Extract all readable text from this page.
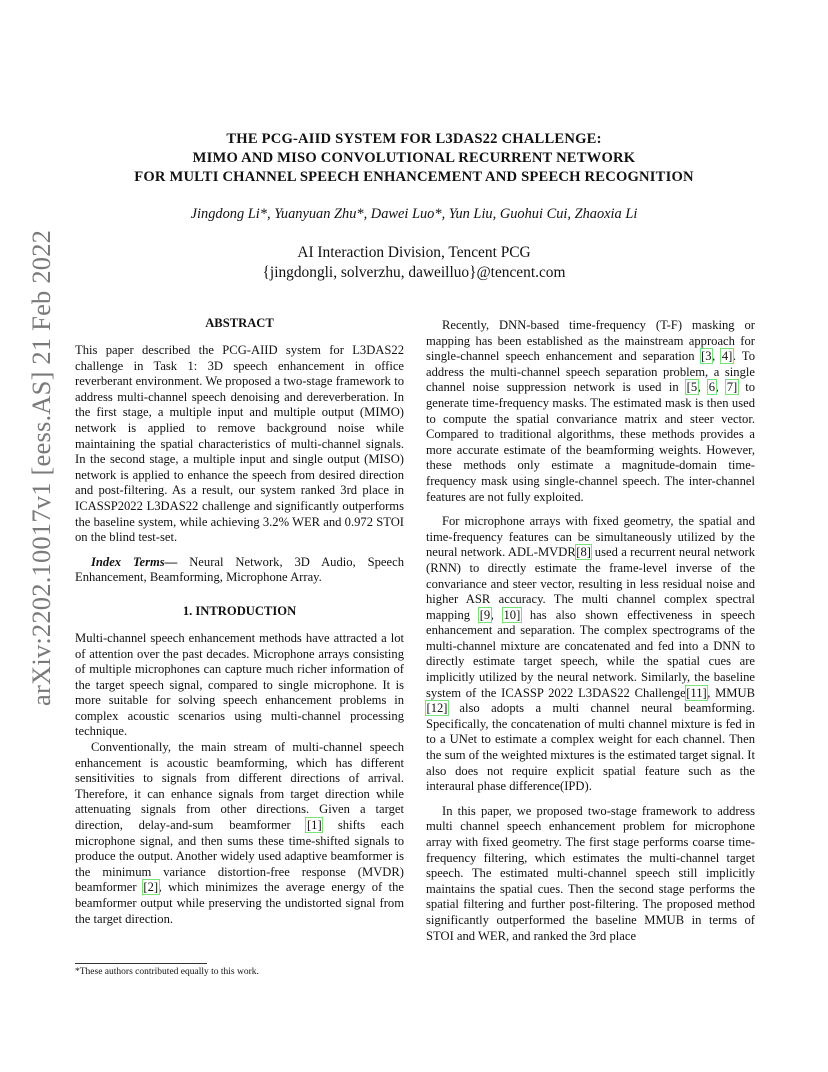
arXiv:2202.10017v1 [eess.AS] 21 Feb 2022
THE PCG-AIID SYSTEM FOR L3DAS22 CHALLENGE:
MIMO AND MISO CONVOLUTIONAL RECURRENT NETWORK
FOR MULTI CHANNEL SPEECH ENHANCEMENT AND SPEECH RECOGNITION
Jingdong Li*, Yuanyuan Zhu*, Dawei Luo*, Yun Liu, Guohui Cui, Zhaoxia Li
AI Interaction Division, Tencent PCG
{jingdongli, solverzhu, daweilluo}@tencent.com
ABSTRACT

This paper described the PCG-AIID system for L3DAS22 challenge in Task 1: 3D speech enhancement in office reverberant environment. We proposed a two-stage framework to address multi-channel speech denoising and dereverberation. In the first stage, a multiple input and multiple output (MIMO) network is applied to remove background noise while maintaining the spatial characteristics of multi-channel signals. In the second stage, a multiple input and single output (MISO) network is applied to enhance the speech from desired direction and post-filtering. As a result, our system ranked 3rd place in ICASSP2022 L3DAS22 challenge and significantly outperforms the baseline system, while achieving 3.2% WER and 0.972 STOI on the blind test-set.

Index Terms— Neural Network, 3D Audio, Speech Enhancement, Beamforming, Microphone Array.

1. INTRODUCTION

Multi-channel speech enhancement methods have attracted a lot of attention over the past decades. Microphone arrays consisting of multiple microphones can capture much richer information of the target speech signal, compared to single microphone. It is more suitable for solving speech enhancement problems in complex acoustic scenarios using multi-channel processing technique.

Conventionally, the main stream of multi-channel speech enhancement is acoustic beamforming, which has different sensitivities to signals from different directions of arrival. Therefore, it can enhance signals from target direction while attenuating signals from other directions. Given a target direction, delay-and-sum beamformer [1] shifts each microphone signal, and then sums these time-shifted signals to produce the output. Another widely used adaptive beamformer is the minimum variance distortion-free response (MVDR) beamformer [2], which minimizes the average energy of the beamformer output while preserving the undistorted signal from the target direction.

Recently, DNN-based time-frequency (T-F) masking or mapping has been established as the mainstream approach for single-channel speech enhancement and separation [3, 4]. To address the multi-channel speech separation problem, a single channel noise suppression network is used in [5, 6, 7] to generate time-frequency masks. The estimated mask is then used to compute the spatial convariance matrix and steer vector. Compared to traditional algorithms, these methods provides a more accurate estimate of the beamforming weights. However, these methods only estimate a magnitude-domain time-frequency mask using single-channel speech. The inter-channel features are not fully exploited.

For microphone arrays with fixed geometry, the spatial and time-frequency features can be simultaneously utilized by the neural network. ADL-MVDR[8] used a recurrent neural network (RNN) to directly estimate the frame-level inverse of the convariance and steer vector, resulting in less residual noise and higher ASR accuracy. The multi channel complex spectral mapping [9, 10] has also shown effectiveness in speech enhancement and separation. The complex spectrograms of the multi-channel mixture are concatenated and fed into a DNN to directly estimate target speech, while the spatial cues are implicitly utilized by the neural network. Similarly, the baseline system of the ICASSP 2022 L3DAS22 Challenge[11], MMUB [12] also adopts a multi channel neural beamforming. Specifically, the concatenation of multi channel mixture is fed in to a UNet to estimate a complex weight for each channel. Then the sum of the weighted mixtures is the estimated target signal. It also does not require explicit spatial feature such as the interaural phase difference(IPD).

In this paper, we proposed two-stage framework to address multi channel speech enhancement problem for microphone array with fixed geometry. The first stage performs coarse time-frequency filtering, which estimates the multi-channel target speech. The estimated multi-channel speech still implicitly maintains the spatial cues. Then the second stage performs the spatial filtering and further post-filtering. The proposed method significantly outperformed the baseline MMUB in terms of STOI and WER, and ranked the 3rd place

*These authors contributed equally to this work.
